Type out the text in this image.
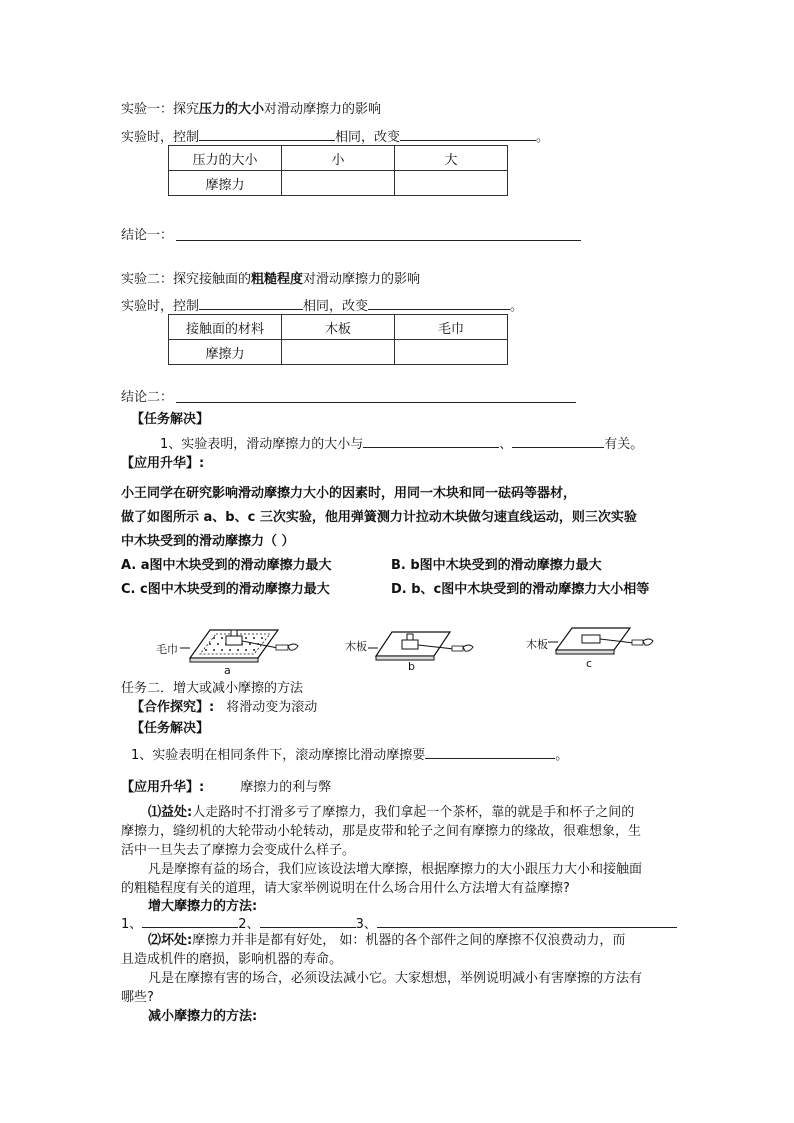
实验一：探究压力的大小对滑动摩擦力的影响
实验时，控制	相同，改变	。
压力的大小	小	大
摩擦力		
结论一：
实验二：探究接触面的粗糙程度对滑动摩擦力的影响
实验时，控制	相同，改变	。
接触面的材料	木板	毛巾
摩擦力		
结论二：
【任务解决】
1、实验表明，滑动摩擦力的大小与	、	有关。
【应用升华】:
小王同学在研究影响滑动摩擦力大小的因素时，用同一木块和同一砝码等器材，
做了如图所示 a、b、c 三次实验，他用弹簧测力计拉动木块做匀速直线运动，则三次实验
中木块受到的滑动摩擦力（ ）
A. a图中木块受到的滑动摩擦力最大	B. b图中木块受到的滑动摩擦力最大
C. c图中木块受到的滑动摩擦力最大	D. b、c图中木块受到的滑动摩擦力大小相等
毛巾
a
木板
b
木板
c
任务二．增大或减小摩擦的方法
【合作探究】: 将滑动变为滚动
【任务解决】
1、实验表明在相同条件下，滚动摩擦比滑动摩擦要	。
【应用升华】:	摩擦力的利与弊
⑴益处:人走路时不打滑多亏了摩擦力，我们拿起一个茶杯，靠的就是手和杯子之间的
摩擦力，缝纫机的大轮带动小轮转动，那是皮带和轮子之间有摩擦力的缘故，很难想象，生
活中一旦失去了摩擦力会变成什么样子。
凡是摩擦有益的场合，我们应该设法增大摩擦，根据摩擦力的大小跟压力大小和接触面
的粗糙程度有关的道理，请大家举例说明在什么场合用什么方法增大有益摩擦?
增大摩擦力的方法:
1、	2、	3、
⑵坏处:摩擦力并非是都有好处， 如：机器的各个部件之间的摩擦不仅浪费动力，而
且造成机件的磨损，影响机器的寿命。
凡是在摩擦有害的场合，必须设法减小它。大家想想，举例说明减小有害摩擦的方法有
哪些?
减小摩擦力的方法:
